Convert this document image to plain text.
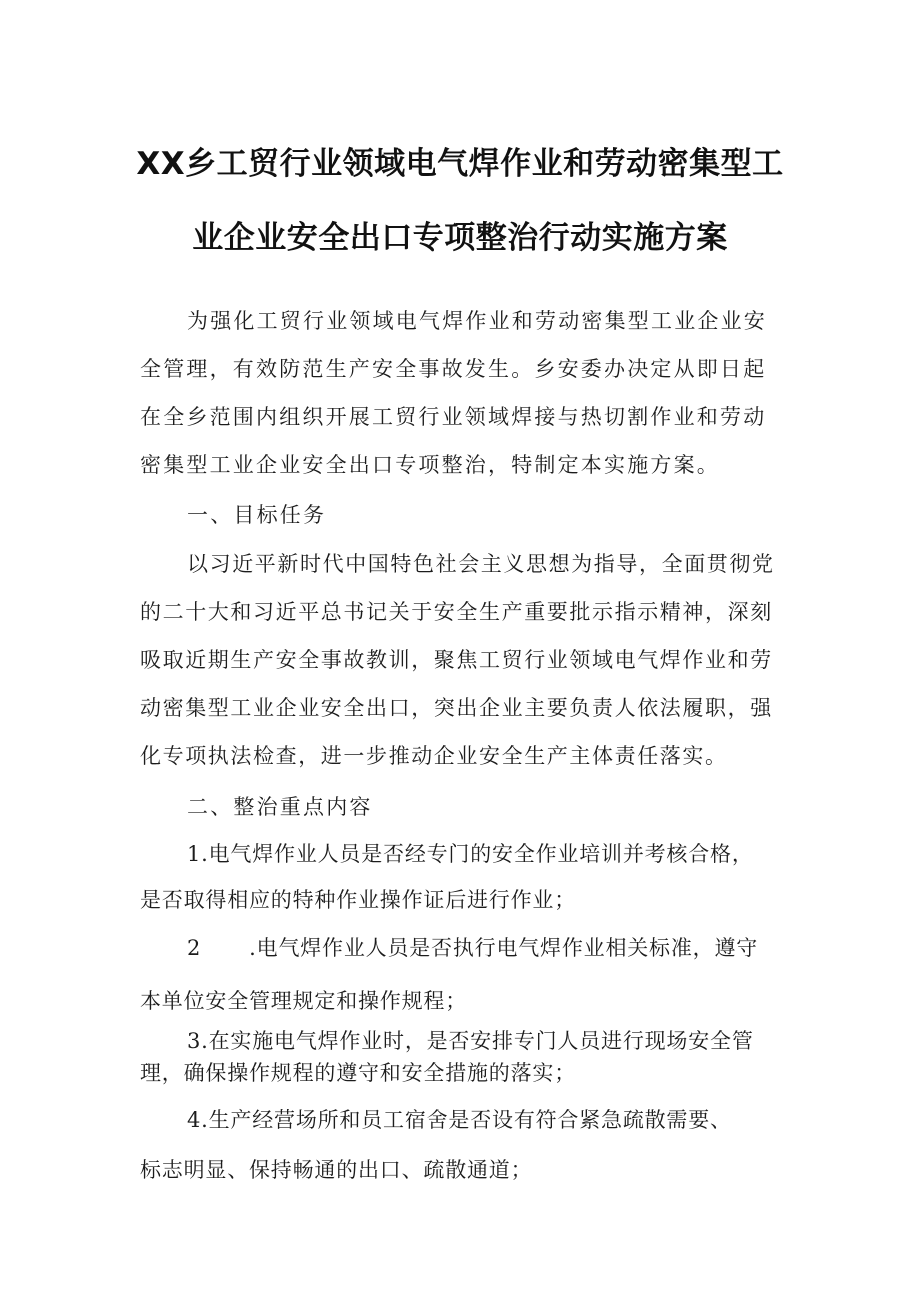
XX乡工贸行业领域电气焊作业和劳动密集型工
业企业安全出口专项整治行动实施方案
为强化工贸行业领域电气焊作业和劳动密集型工业企业安
全管理，有效防范生产安全事故发生。乡安委办决定从即日起
在全乡范围内组织开展工贸行业领域焊接与热切割作业和劳动
密集型工业企业安全出口专项整治，特制定本实施方案。
一、目标任务
以习近平新时代中国特色社会主义思想为指导，全面贯彻党
的二十大和习近平总书记关于安全生产重要批示指示精神，深刻
吸取近期生产安全事故教训，聚焦工贸行业领域电气焊作业和劳
动密集型工业企业安全出口，突出企业主要负责人依法履职，强
化专项执法检查，进一步推动企业安全生产主体责任落实。
二、整治重点内容
1.电气焊作业人员是否经专门的安全作业培训并考核合格，
是否取得相应的特种作业操作证后进行作业；
2 .电气焊作业人员是否执行电气焊作业相关标准，遵守
本单位安全管理规定和操作规程；
3.在实施电气焊作业时，是否安排专门人员进行现场安全管
理，确保操作规程的遵守和安全措施的落实；
4.生产经营场所和员工宿舍是否设有符合紧急疏散需要、
标志明显、保持畅通的出口、疏散通道；
